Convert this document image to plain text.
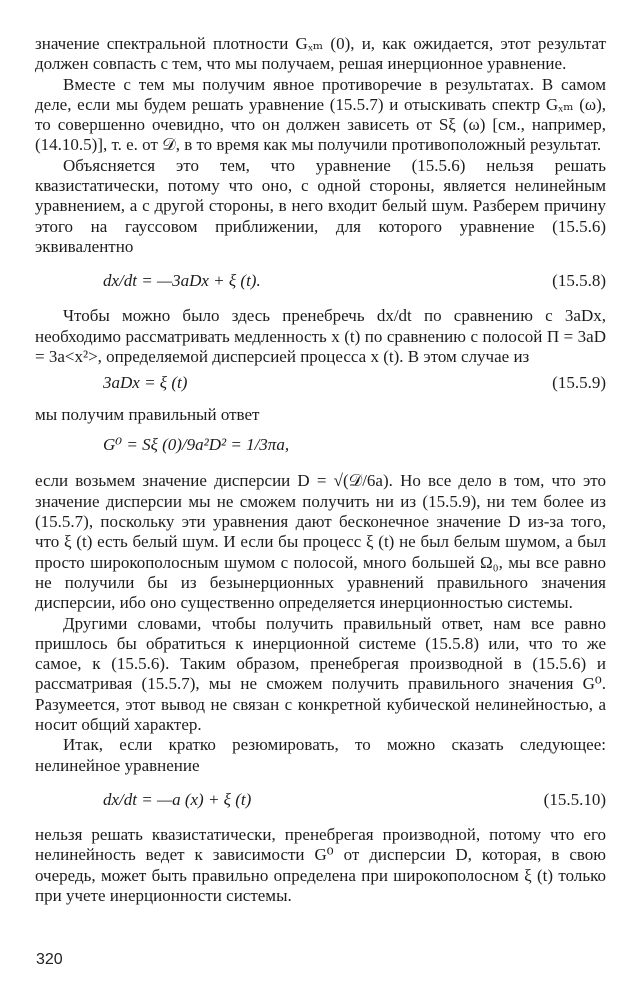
значение спектральной плотности Gₓₘ (0), и, как ожидается, этот результат должен совпасть с тем, что мы получаем, решая инерционное уравнение.

Вместе с тем мы получим явное противоречие в результатах. В самом деле, если мы будем решать уравнение (15.5.7) и отыскивать спектр Gₓₘ (ω), то совершенно очевидно, что он должен зависеть от Sξ (ω) [см., например, (14.10.5)], т. е. от 𝒟, в то время как мы получили противоположный результат.

Объясняется это тем, что уравнение (15.5.6) нельзя решать квазистатически, потому что оно, с одной стороны, является нелинейным уравнением, а с другой стороны, в него входит белый шум. Разберем причину этого на гауссовом приближении, для которого уравнение (15.5.6) эквивалентно

dx/dt = —3aDx + ξ (t).	(15.5.8)

Чтобы можно было здесь пренебречь dx/dt по сравнению с 3aDx, необходимо рассматривать медленность x (t) по сравнению с полосой П = 3aD = 3a<x²>, определяемой дисперсией процесса x (t). В этом случае из

3aDx = ξ (t)	(15.5.9)

мы получим правильный ответ

G⁰ = Sξ (0)/9a²D² = 1/3πa,

если возьмем значение дисперсии D = √(𝒟/6a). Но все дело в том, что это значение дисперсии мы не сможем получить ни из (15.5.9), ни тем более из (15.5.7), поскольку эти уравнения дают бесконечное значение D из-за того, что ξ (t) есть белый шум. И если бы процесс ξ (t) не был белым шумом, а был просто широкополосным шумом с полосой, много большей Ω₀, мы все равно не получили бы из безынерционных уравнений правильного значения дисперсии, ибо оно существенно определяется инерционностью системы.

Другими словами, чтобы получить правильный ответ, нам все равно пришлось бы обратиться к инерционной системе (15.5.8) или, что то же самое, к (15.5.6). Таким образом, пренебрегая производной в (15.5.6) и рассматривая (15.5.7), мы не сможем получить правильного значения G⁰. Разумеется, этот вывод не связан с конкретной кубической нелинейностью, а носит общий характер.

Итак, если кратко резюмировать, то можно сказать следующее: нелинейное уравнение

dx/dt = —a (x) + ξ (t)	(15.5.10)

нельзя решать квазистатически, пренебрегая производной, потому что его нелинейность ведет к зависимости G⁰ от дисперсии D, которая, в свою очередь, может быть правильно определена при широкополосном ξ (t) только при учете инерционности системы.

320
